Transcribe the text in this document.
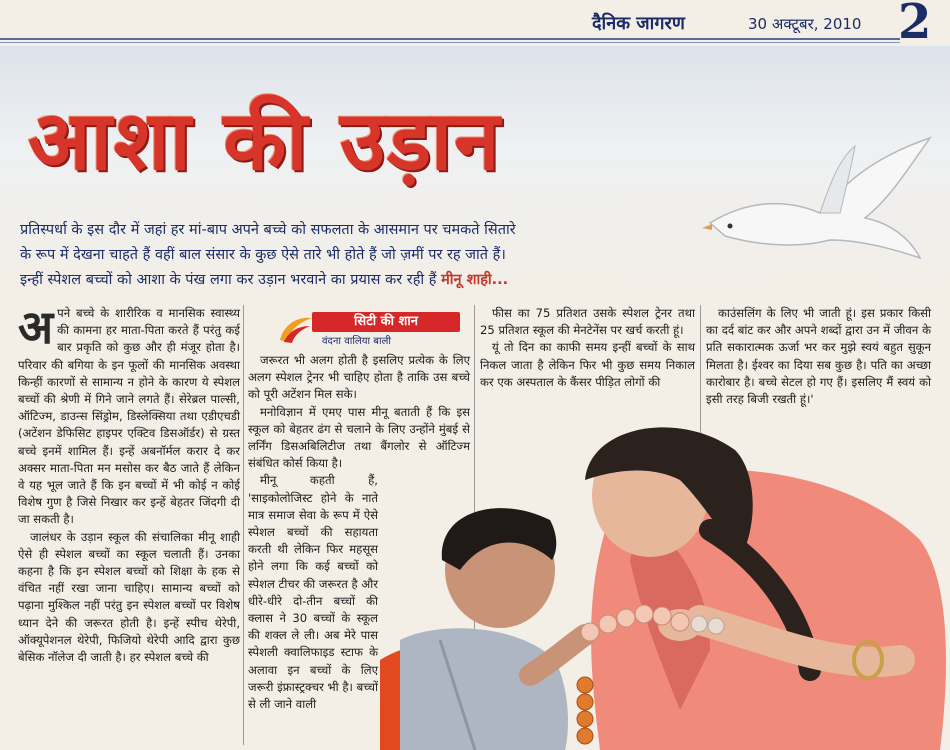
दैनिक जागरण	30 अक्टूबर, 2010 2
आशा की उड़ान

प्रतिस्पर्धा के इस दौर में जहां हर मां-बाप अपने बच्चे को सफलता के आसमान पर चमकते सितारे

के रूप में देखना चाहते हैं वहीं बाल संसार के कुछ ऐसे तारे भी होते हैं जो ज़मीं पर रह जाते हैं।

इन्हीं स्पेशल बच्चों को आशा के पंख लगा कर उड़ान भरवाने का प्रयास कर रही हैं मीनू शाही...

सिटी की शान
वंदना वालिया बाली
अ पने बच्चे के शारीरिक व मानसिक स्वास्थ्य की कामना हर माता-पिता करते हैं परंतु कई बार प्रकृति को कुछ और ही मंजूर होता है। परिवार की बगिया के इन फूलों की मानसिक अवस्था किन्हीं कारणों से सामान्य न होने के कारण ये स्पेशल बच्चों की श्रेणी में गिने जाने लगते हैं। सेरेब्रल पाल्सी, ऑटिज्म, डाउन्स सिंड्रोम, डिस्लेक्सिया तथा एडीएचडी (अटेंशन डेफिसिट हाइपर एक्टिव डिसऑर्डर) से ग्रस्त बच्चे इनमें शामिल हैं। इन्हें अबनॉर्मल करार दे कर अक्सर माता-पिता मन मसोस कर बैठ जाते हैं लेकिन वे यह भूल जाते हैं कि इन बच्चों में भी कोई न कोई विशेष गुण है जिसे निखार कर इन्हें बेहतर जिंदगी दी जा सकती है।

जालंधर के उड़ान स्कूल की संचालिका मीनू शाही ऐसे ही स्पेशल बच्चों का स्कूल चलाती हैं। उनका कहना है कि इन स्पेशल बच्चों को शिक्षा के हक से वंचित नहीं रखा जाना चाहिए। सामान्य बच्चों को पढ़ाना मुश्किल नहीं परंतु इन स्पेशल बच्चों पर विशेष ध्यान देने की जरूरत होती है। इन्हें स्पीच थेरेपी, ऑक्यूपेशनल थेरेपी, फिजियो थेरेपी आदि द्वारा कुछ बेसिक नॉलेज दी जाती है। हर स्पेशल बच्चे की

जरूरत भी अलग होती है इसलिए प्रत्येक के लिए अलग स्पेशल ट्रेनर भी चाहिए होता है ताकि उस बच्चे को पूरी अटेंशन मिल सके।

मनोविज्ञान में एमए पास मीनू बताती हैं कि इस स्कूल को बेहतर ढंग से चलाने के लिए उन्होंने मुंबई से लर्निंग डिसअबिलिटीज तथा बैंगलोर से ऑटिज्म संबंधित कोर्स किया है।

मीनू कहती हैं, 'साइकोलोजिस्ट होने के नाते मात्र समाज सेवा के रूप में ऐसे स्पेशल बच्चों की सहायता करती थी लेकिन फिर महसूस होने लगा कि कई बच्चों को स्पेशल टीचर की जरूरत है और धीरे-धीरे दो-तीन बच्चों की क्लास ने 30 बच्चों के स्कूल की शक्ल ले ली। अब मेरे पास स्पेशली क्वालिफाइड स्टाफ के अलावा इन बच्चों के लिए जरूरी इंफ्रास्ट्रक्चर भी है। बच्चों से ली जाने वाली

फीस का 75 प्रतिशत उसके स्पेशल ट्रेनर तथा 25 प्रतिशत स्कूल की मेनटेनेंस पर खर्च करती हूं।

यूं तो दिन का काफी समय इन्हीं बच्चों के साथ निकल जाता है लेकिन फिर भी कुछ समय निकाल कर एक अस्पताल के कैंसर पीड़ित लोगों की

काउंसलिंग के लिए भी जाती हूं। इस प्रकार किसी का दर्द बांट कर और अपने शब्दों द्वारा उन में जीवन के प्रति सकारात्मक ऊर्जा भर कर मुझे स्वयं बहुत सुकून मिलता है। ईश्वर का दिया सब कुछ है। पति का अच्छा कारोबार है। बच्चे सेटल हो गए हैं। इसलिए मैं स्वयं को इसी तरह बिजी रखती हूं।'
